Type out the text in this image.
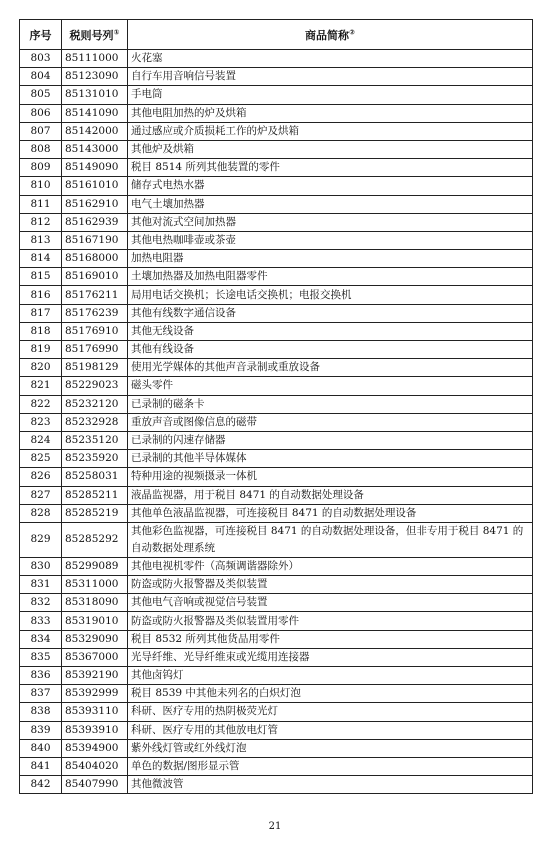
序号	税则号列①	商品简称②
803	85111000	火花塞
804	85123090	自行车用音响信号装置
805	85131010	手电筒
806	85141090	其他电阻加热的炉及烘箱
807	85142000	通过感应或介质损耗工作的炉及烘箱
808	85143000	其他炉及烘箱
809	85149090	税目 8514 所列其他装置的零件
810	85161010	储存式电热水器
811	85162910	电气土壤加热器
812	85162939	其他对流式空间加热器
813	85167190	其他电热咖啡壶或茶壶
814	85168000	加热电阻器
815	85169010	土壤加热器及加热电阻器零件
816	85176211	局用电话交换机；长途电话交换机；电报交换机
817	85176239	其他有线数字通信设备
818	85176910	其他无线设备
819	85176990	其他有线设备
820	85198129	使用光学媒体的其他声音录制或重放设备
821	85229023	磁头零件
822	85232120	已录制的磁条卡
823	85232928	重放声音或图像信息的磁带
824	85235120	已录制的闪速存储器
825	85235920	已录制的其他半导体媒体
826	85258031	特种用途的视频摄录一体机
827	85285211	液晶监视器，用于税目 8471 的自动数据处理设备
828	85285219	其他单色液晶监视器，可连接税目 8471 的自动数据处理设备
829	85285292	其他彩色监视器，可连接税目 8471 的自动数据处理设备，但非专用于税目 8471 的自动数据处理系统
830	85299089	其他电视机零件（高频调谐器除外）
831	85311000	防盗或防火报警器及类似装置
832	85318090	其他电气音响或视觉信号装置
833	85319010	防盗或防火报警器及类似装置用零件
834	85329090	税目 8532 所列其他货品用零件
835	85367000	光导纤维、光导纤维束或光缆用连接器
836	85392190	其他卤钨灯
837	85392999	税目 8539 中其他未列名的白炽灯泡
838	85393110	科研、医疗专用的热阴极荧光灯
839	85393910	科研、医疗专用的其他放电灯管
840	85394900	紫外线灯管或红外线灯泡
841	85404020	单色的数据/图形显示管
842	85407990	其他微波管
21
